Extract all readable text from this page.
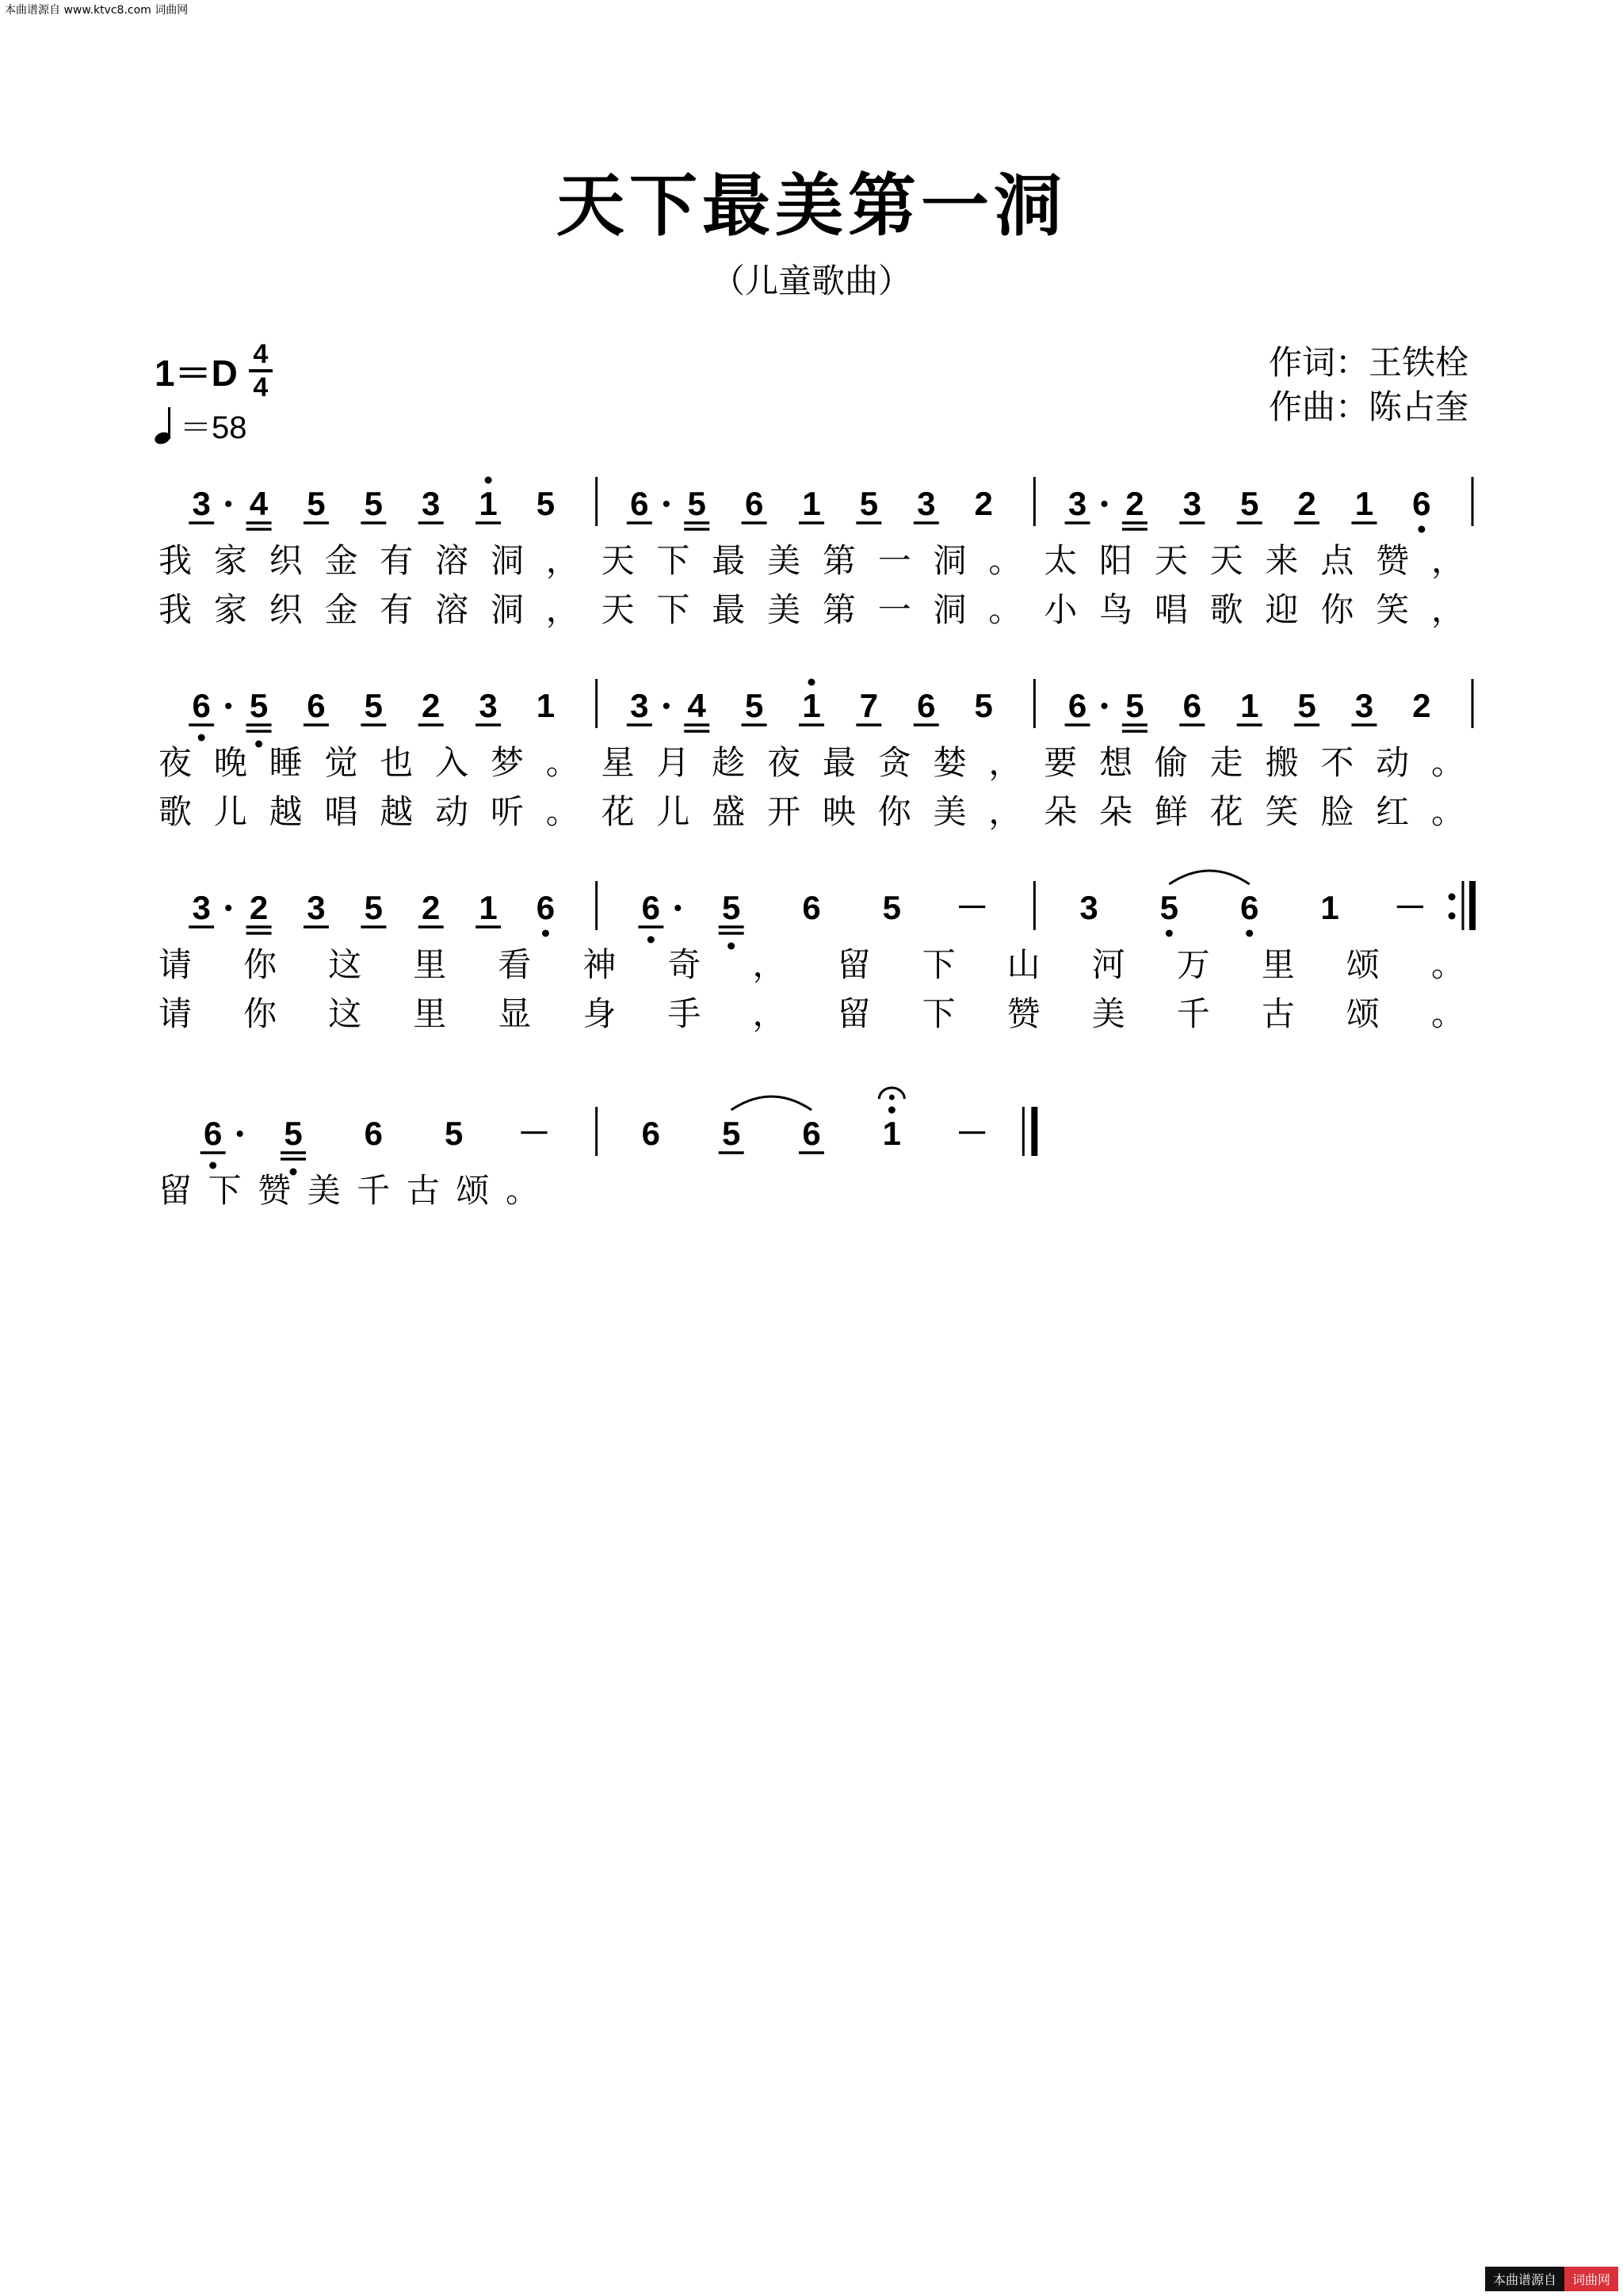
本曲谱源自 www.ktvc8.com 词曲网
天下最美第一洞
（儿童歌曲）
$1=D \frac{4}{4}$
＝58
作词：王铁栓
作曲：陈占奎
3 4 5 5 3 1 5 6 5 6 1 5 3 2 3 2 3 5 2 1 6
我家织金有溶洞，天下最美第一洞。太阳天天来点赞，
我家织金有溶洞，天下最美第一洞。小鸟唱歌迎你笑，
6 5 6 5 2 3 1 3 4 5 1 7 6 5 6 5 6 1 5 3 2
夜晚睡觉也入梦。星月趁夜最贪婪，要想偷走搬不动。
歌儿越唱越动听。花儿盛开映你美，朵朵鲜花笑脸红。
3 2 3 5 2 1 6	6 5 6 5 －	3 5 6 1 －
请你这里看神奇，留下山河万里颂。
请你这里显身手，留下赞美千古颂。
6 5 6 5 －	6 5 6 1 －
留下赞美千古颂。
本曲谱源自	词曲网
